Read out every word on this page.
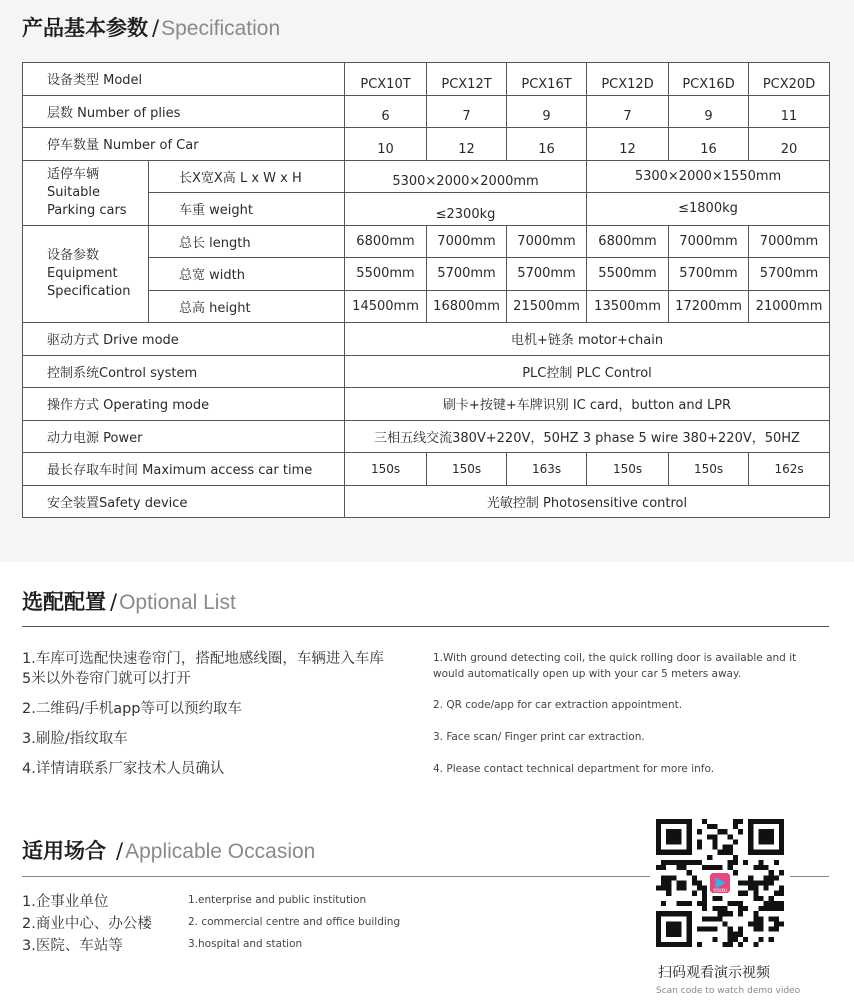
产品基本参数 /Specification
设备类型 Model		PCX10T	PCX12T	PCX16T	PCX12D	PCX16D	PCX20D
层数 Number of plies		6	7	9	7	9	11
停车数量 Number of Car		10	12	16	12	16	20
适停车辆
Suitable
Parking cars	长X宽X高 L x W x H	5300×2000×2000mm			5300×2000×1550mm		
	车重 weight	≤2300kg			≤1800kg		
设备参数
Equipment
Specification	总长 length	6800mm	7000mm	7000mm	6800mm	7000mm	7000mm
	总宽 width	5500mm	5700mm	5700mm	5500mm	5700mm	5700mm
	总高 height	14500mm	16800mm	21500mm	13500mm	17200mm	21000mm
驱动方式 Drive mode		电机+链条 motor+chain					
控制系统Control system		PLC控制 PLC Control					
操作方式 Operating mode		刷卡+按键+车牌识别 IC card，button and LPR					
动力电源 Power		三相五线交流380V+220V，50HZ 3 phase 5 wire 380+220V，50HZ					
最长存取车时间 Maximum access car time		150s	150s	163s	150s	150s	162s
安全装置Safety device		光敏控制 Photosensitive control					
选配配置 /Optional List
1.车库可选配快速卷帘门，搭配地感线圈，车辆进入车库
5米以外卷帘门就可以打开
2.二维码/手机app等可以预约取车
3.刷脸/指纹取车
4.详情请联系厂家技术人员确认
1.With ground detecting coil, the quick rolling door is available and it would automatically open up with your car 5 meters away.
2. QR code/app for car extraction appointment.
3. Face scan/ Finger print car extraction.
4. Please contact technical department for more info.
适用场合 /Applicable Occasion
1.企事业单位
2.商业中心、办公楼
3.医院、车站等
1.enterprise and public institution
2. commercial centre and office building
3.hospital and station
扫码观看演示视频
Scan code to watch demo video
